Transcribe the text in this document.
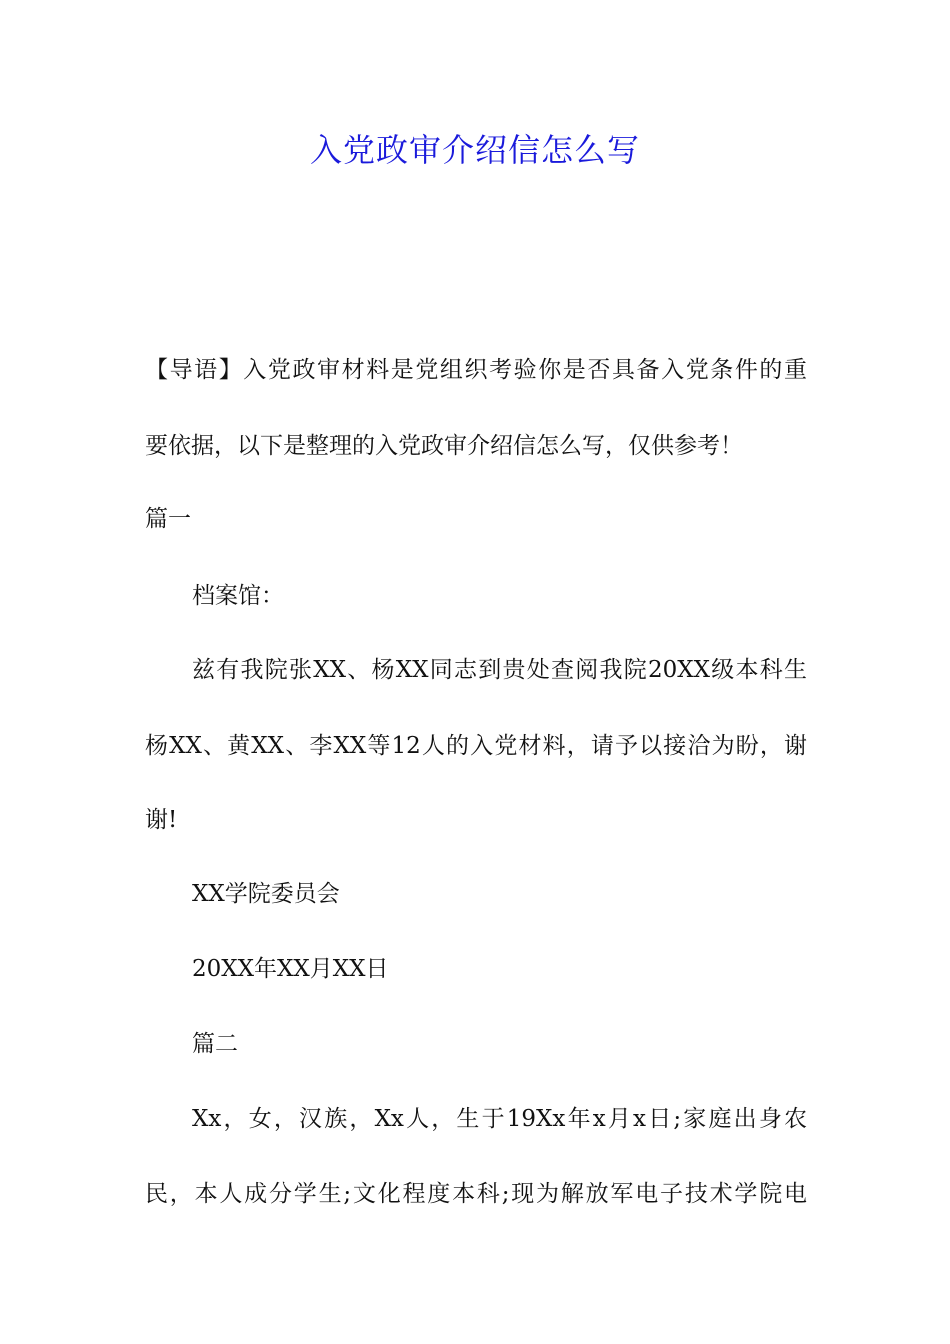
入党政审介绍信怎么写

【导语】入党政审材料是党组织考验你是否具备入党条件的重

要依据，以下是整理的入党政审介绍信怎么写，仅供参考！

篇一

档案馆：

兹有我院张XX、杨XX同志到贵处查阅我院20XX级本科生

杨XX、黄XX、李XX等12人的入党材料，请予以接洽为盼，谢

谢!

XX学院委员会

20XX年XX月XX日

篇二

Xx，女，汉族，Xx人，生于19Xx年x月x日;家庭出身农

民，本人成分学生;文化程度本科;现为解放军电子技术学院电
